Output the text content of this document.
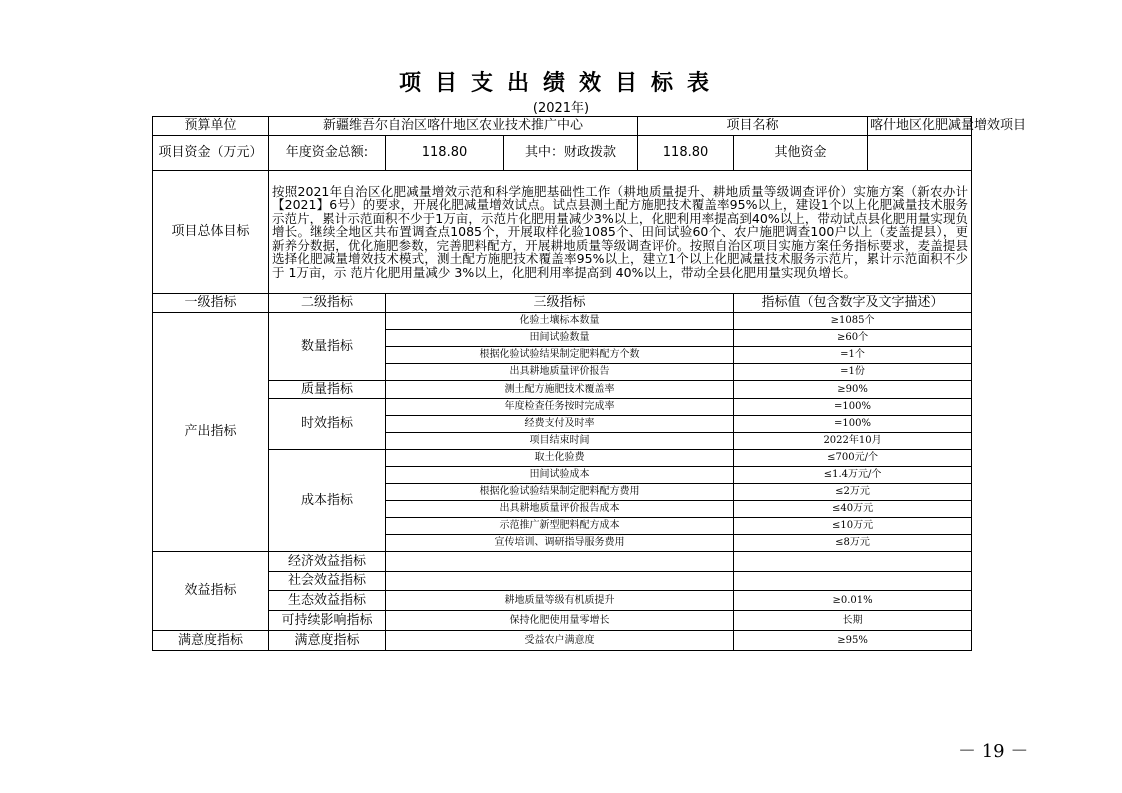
项目支出绩效目标表
(2021年)
预算单位	新疆维吾尔自治区喀什地区农业技术推广中心			项目名称		喀什地区化肥减量增效项目
项目资金（万元）	年度资金总额:	118.80	其中：财政拨款	118.80	其他资金	
项目总体目标	按照2021年自治区化肥减量增效示范和科学施肥基础性工作（耕地质量提升、耕地质量等级调查评价）实施方案（新农办计【2021】6号）的要求，开展化肥减量增效试点。试点县测土配方施肥技术覆盖率95%以上，建设1个以上化肥减量技术服务示范片，累计示范面积不少于1万亩，示范片化肥用量减少3%以上，化肥利用率提高到40%以上，带动试点县化肥用量实现负增长。继续全地区共布置调查点1085个，开展取样化验1085个、田间试验60个、农户施肥调查100户以上（麦盖提县），更新养分数据，优化施肥参数，完善肥料配方，开展耕地质量等级调查评价。按照自治区项目实施方案任务指标要求，麦盖提县选择化肥减量增效技术模式，测土配方施肥技术覆盖率95%以上，建立1个以上化肥减量技术服务示范片，累计示范面积不少于 1万亩，示 范片化肥用量减少 3%以上，化肥利用率提高到 40%以上，带动全县化肥用量实现负增长。					
一级指标	二级指标	三级指标			指标值（包含数字及文字描述）	
产出指标	数量指标	化验土壤标本数量			≥1085个	
		田间试验数量			≥60个	
		根据化验试验结果制定肥料配方个数			=1个	
		出具耕地质量评价报告			=1份	
	质量指标	测土配方施肥技术覆盖率			≥90%	
	时效指标	年度检查任务按时完成率			=100%	
		经费支付及时率			=100%	
		项目结束时间			2022年10月	
	成本指标	取土化验费			≤700元/个	
		田间试验成本			≤1.4万元/个	
		根据化验试验结果制定肥料配方费用			≤2万元	
		出具耕地质量评价报告成本			≤40万元	
		示范推广新型肥料配方成本			≤10万元	
		宣传培训、调研指导服务费用			≤8万元	
效益指标	经济效益指标					
	社会效益指标					
	生态效益指标	耕地质量等级有机质提升			≥0.01%	
	可持续影响指标	保持化肥使用量零增长			长期	
满意度指标	满意度指标	受益农户满意度			≥95%	
－ 19 －
